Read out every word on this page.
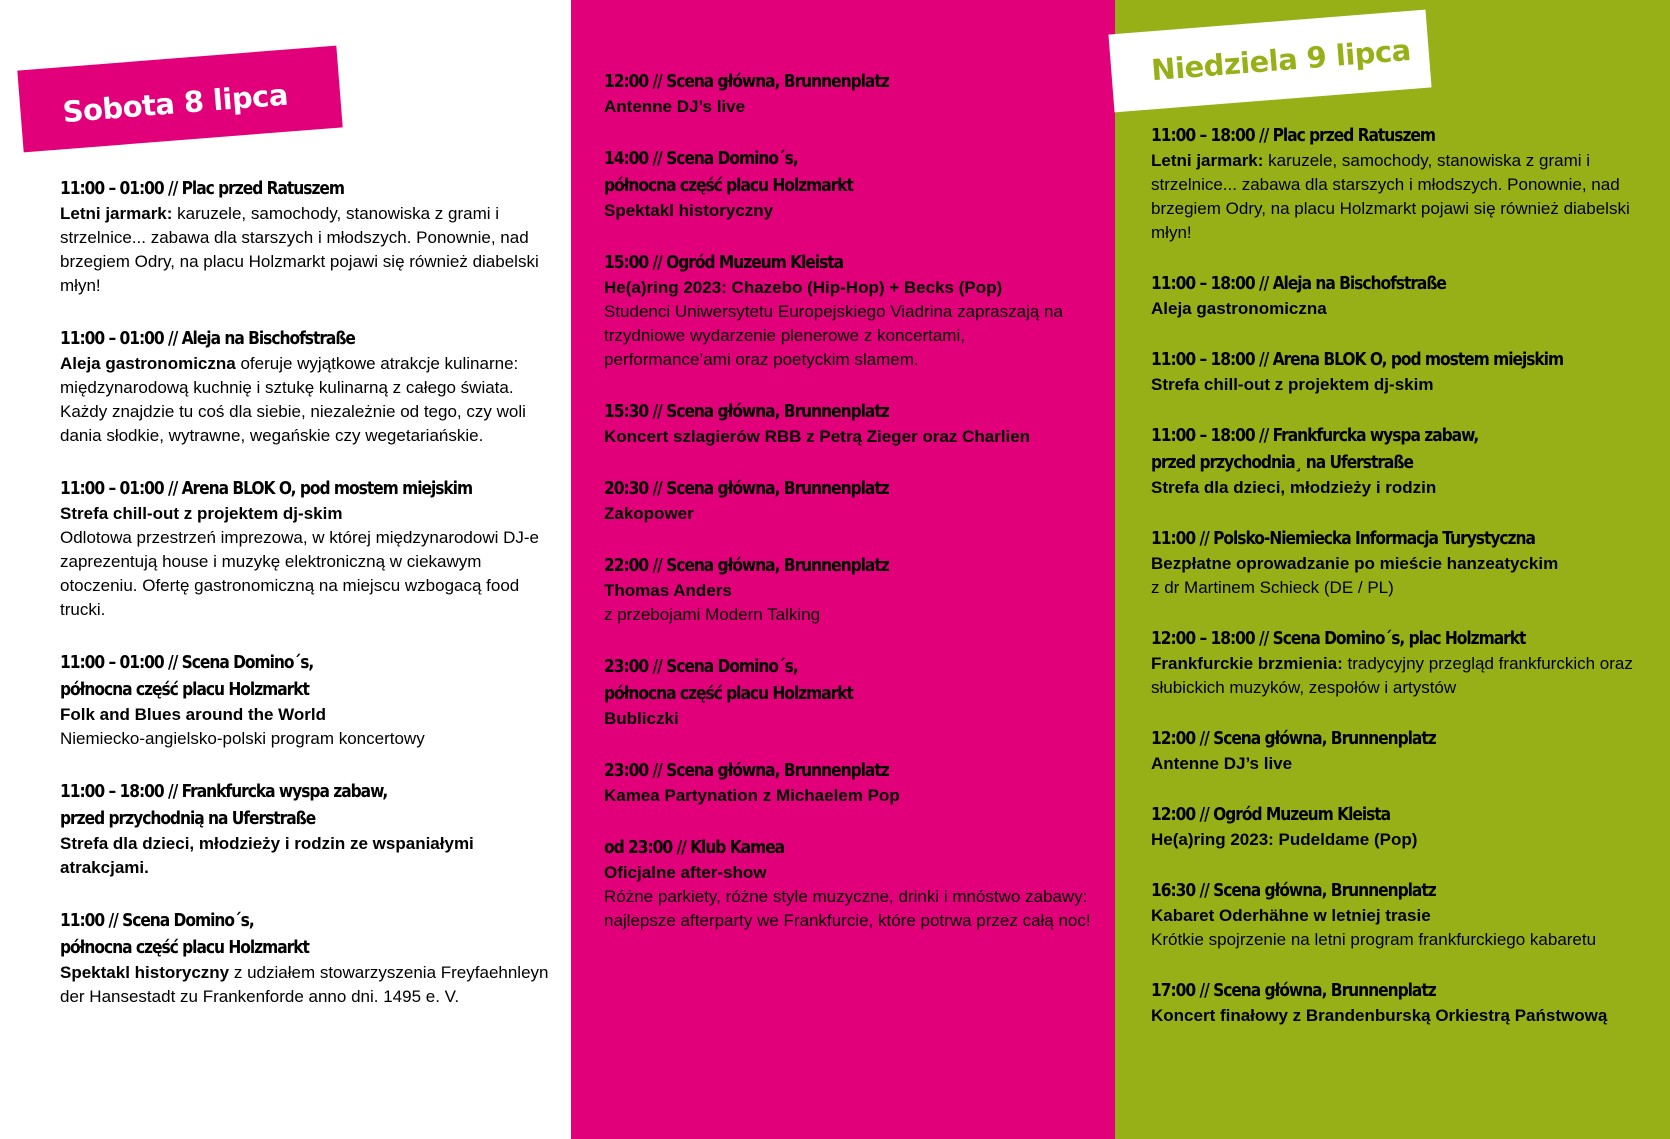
Sobota 8 lipca
Niedziela 9 lipca
11:00 – 01:00 // Plac przed Ratuszem
Letni jarmark: karuzele, samochody, stanowiska z grami i strzelnice... zabawa dla starszych i młodszych. Ponownie, nad brzegiem Odry, na placu Holzmarkt pojawi się również diabelski młyn!
11:00 – 01:00 // Aleja na Bischofstraße
Aleja gastronomiczna oferuje wyjątkowe atrakcje kulinarne: międzynarodową kuchnię i sztukę kulinarną z całego świata. Każdy znajdzie tu coś dla siebie, niezależnie od tego, czy woli dania słodkie, wytrawne, wegańskie czy wegetariańskie.
11:00 – 01:00 // Arena BLOK O, pod mostem miejskim
Strefa chill-out z projektem dj-skim
Odlotowa przestrzeń imprezowa, w której międzynarodowi DJ-e zaprezentują house i muzykę elektroniczną w ciekawym otoczeniu. Ofertę gastronomiczną na miejscu wzbogacą food trucki.
11:00 – 01:00 // Scena Domino´s,
północna część placu Holzmarkt
Folk and Blues around the World
Niemiecko-angielsko-polski program koncertowy
11:00 – 18:00 // Frankfurcka wyspa zabaw,
przed przychodnią na Uferstraße
Strefa dla dzieci, młodzieży i rodzin ze wspaniałymi atrakcjami.
11:00 // Scena Domino´s,
północna część placu Holzmarkt
Spektakl historyczny z udziałem stowarzyszenia Freyfaehnleyn der Hansestadt zu Frankenforde anno dni. 1495 e. V.
12:00 // Scena główna, Brunnenplatz
Antenne DJ’s live
14:00 // Scena Domino´s,
północna część placu Holzmarkt
Spektakl historyczny
15:00 // Ogród Muzeum Kleista
He(a)ring 2023: Chazebo (Hip-Hop) + Becks (Pop)
Studenci Uniwersytetu Europejskiego Viadrina zapraszają na trzydniowe wydarzenie plenerowe z koncertami, performance’ami oraz poetyckim slamem.
15:30 // Scena główna, Brunnenplatz
Koncert szlagierów RBB z Petrą Zieger oraz Charlien
20:30 // Scena główna, Brunnenplatz
Zakopower
22:00 // Scena główna, Brunnenplatz
Thomas Anders
z przebojami Modern Talking
23:00 // Scena Domino´s,
północna część placu Holzmarkt
Bubliczki
23:00 // Scena główna, Brunnenplatz
Kamea Partynation z Michaelem Pop
od 23:00 // Klub Kamea
Oficjalne after-show
Różne parkiety, różne style muzyczne, drinki i mnóstwo zabawy: najlepsze afterparty we Frankfurcie, które potrwa przez całą noc!
11:00 – 18:00 // Plac przed Ratuszem
Letni jarmark: karuzele, samochody, stanowiska z grami i strzelnice... zabawa dla starszych i młodszych. Ponownie, nad brzegiem Odry, na placu Holzmarkt pojawi się również diabelski młyn!
11:00 – 18:00 // Aleja na Bischofstraße
Aleja gastronomiczna
11:00 – 18:00 // Arena BLOK O, pod mostem miejskim
Strefa chill-out z projektem dj-skim
11:00 – 18:00 // Frankfurcka wyspa zabaw,
przed przychodnia¸ na Uferstraße
Strefa dla dzieci, młodzieży i rodzin
11:00 // Polsko-Niemiecka Informacja Turystyczna
Bezpłatne oprowadzanie po mieście hanzeatyckim
z dr Martinem Schieck (DE / PL)
12:00 – 18:00 // Scena Domino´s, plac Holzmarkt
Frankfurckie brzmienia: tradycyjny przegląd frankfurckich oraz słubickich muzyków, zespołów i artystów
12:00 // Scena główna, Brunnenplatz
Antenne DJ’s live
12:00 // Ogród Muzeum Kleista
He(a)ring 2023: Pudeldame (Pop)
16:30 // Scena główna, Brunnenplatz
Kabaret Oderhähne w letniej trasie
Krótkie spojrzenie na letni program frankfurckiego kabaretu
17:00 // Scena główna, Brunnenplatz
Koncert finałowy z Brandenburską Orkiestrą Państwową
